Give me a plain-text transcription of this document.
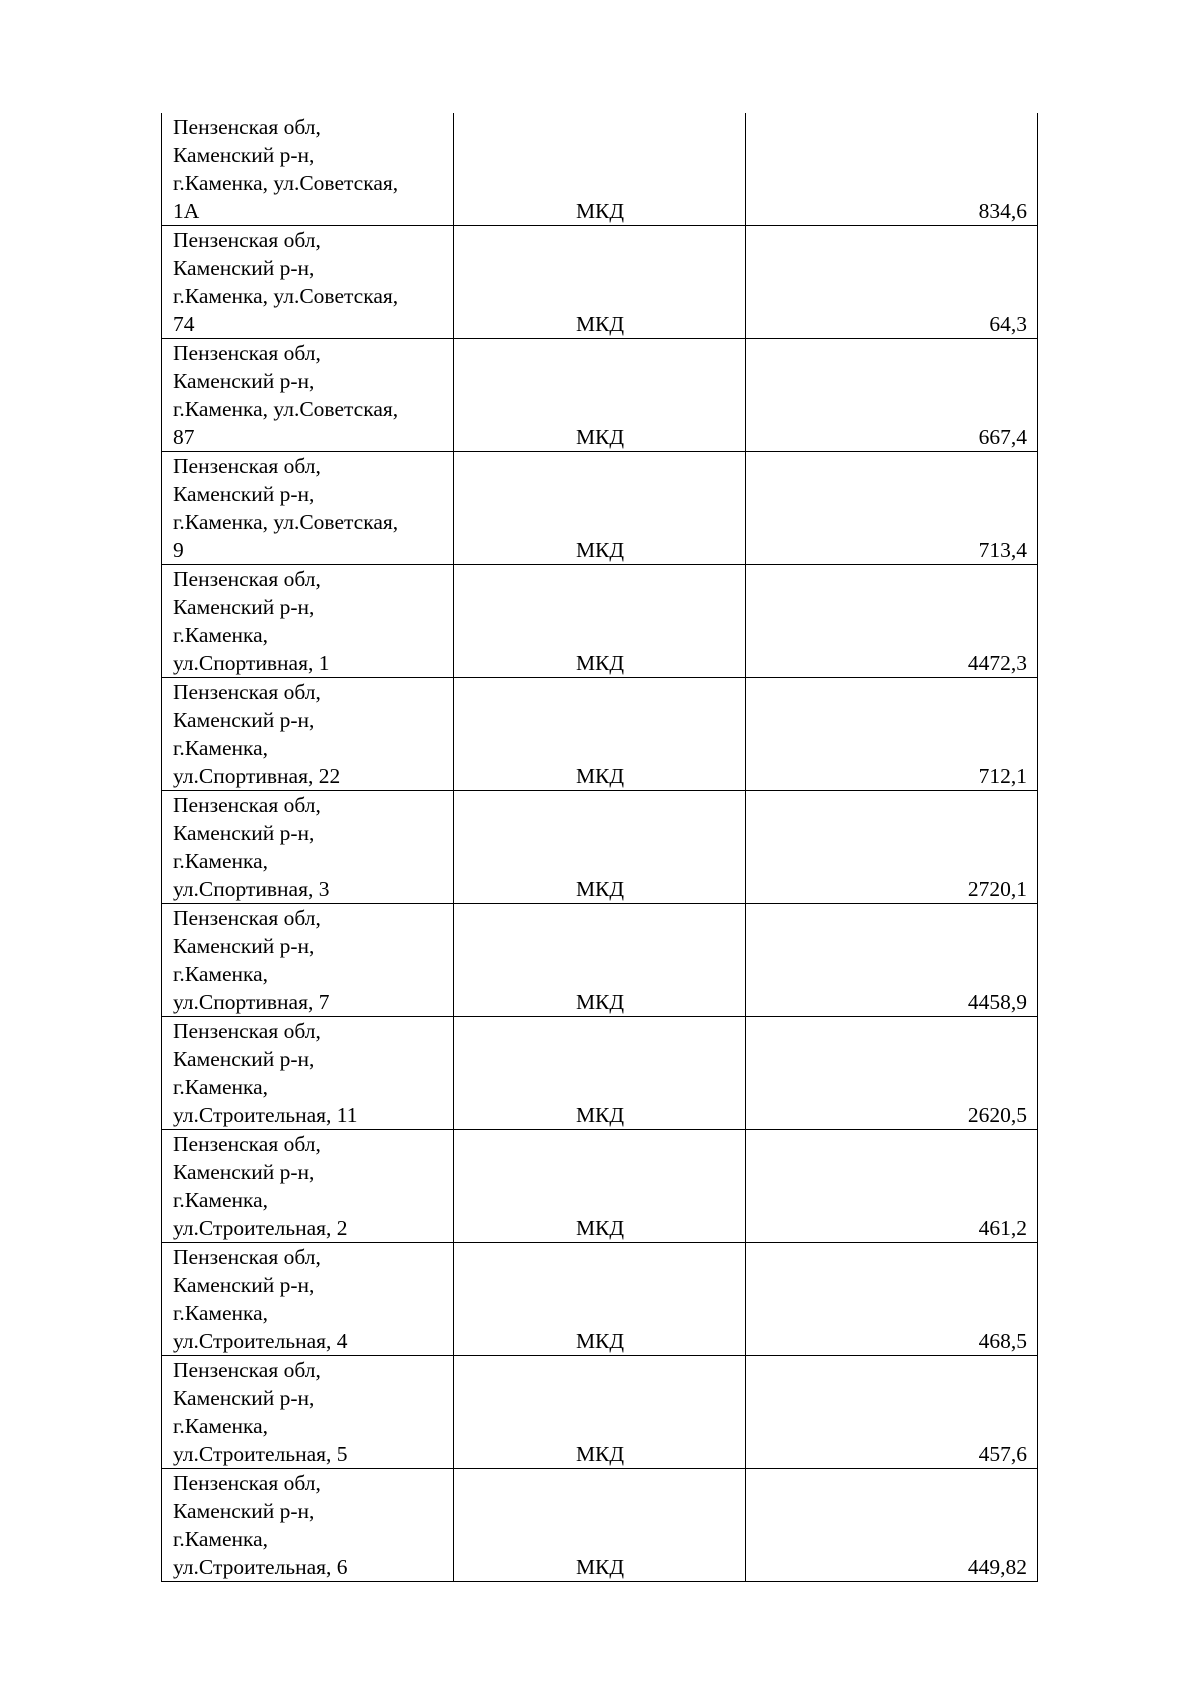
Пензенская обл,
Каменский р-н,
г.Каменка, ул.Советская,
1А	МКД	834,6

Пензенская обл,
Каменский р-н,
г.Каменка, ул.Советская,
74	МКД	64,3

Пензенская обл,
Каменский р-н,
г.Каменка, ул.Советская,
87	МКД	667,4

Пензенская обл,
Каменский р-н,
г.Каменка, ул.Советская,
9	МКД	713,4

Пензенская обл,
Каменский р-н,
г.Каменка,
ул.Спортивная, 1	МКД	4472,3

Пензенская обл,
Каменский р-н,
г.Каменка,
ул.Спортивная, 22	МКД	712,1

Пензенская обл,
Каменский р-н,
г.Каменка,
ул.Спортивная, 3	МКД	2720,1

Пензенская обл,
Каменский р-н,
г.Каменка,
ул.Спортивная, 7	МКД	4458,9

Пензенская обл,
Каменский р-н,
г.Каменка,
ул.Строительная, 11	МКД	2620,5

Пензенская обл,
Каменский р-н,
г.Каменка,
ул.Строительная, 2	МКД	461,2

Пензенская обл,
Каменский р-н,
г.Каменка,
ул.Строительная, 4	МКД	468,5

Пензенская обл,
Каменский р-н,
г.Каменка,
ул.Строительная, 5	МКД	457,6

Пензенская обл,
Каменский р-н,
г.Каменка,
ул.Строительная, 6	МКД	449,82
